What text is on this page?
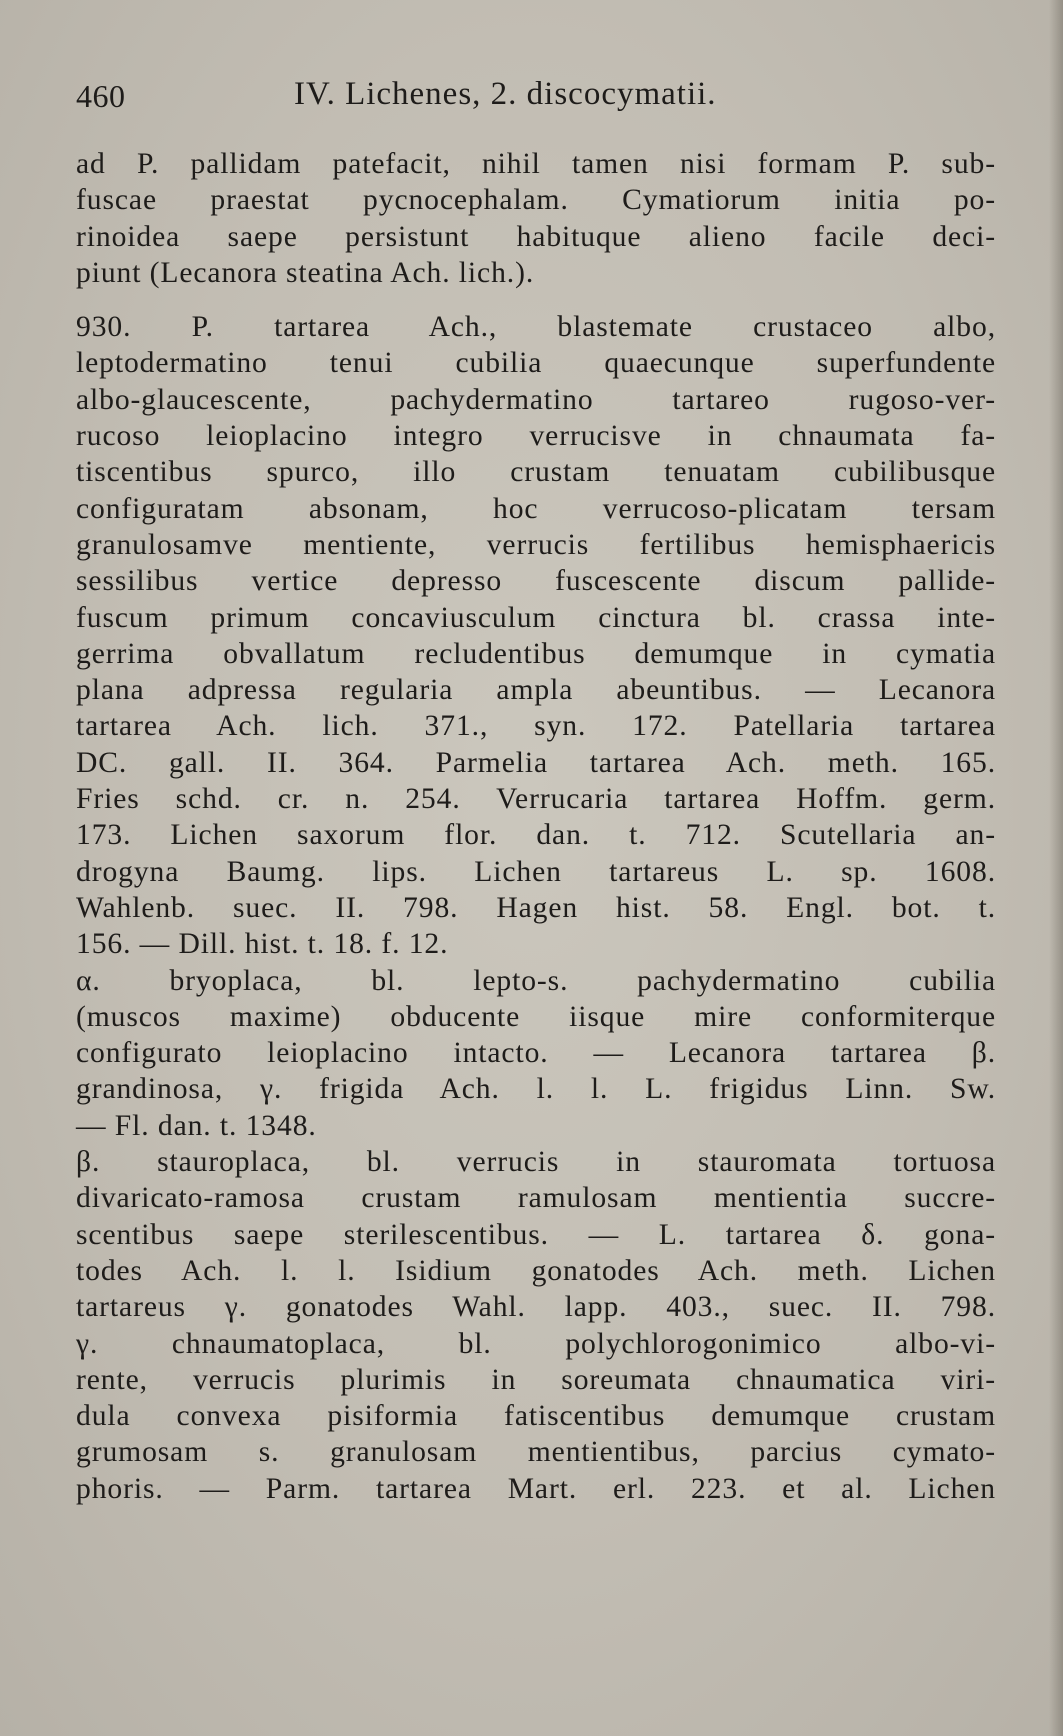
460	IV. Lichenes, 2. discocymatii.
ad P. pallidam patefacit, nihil tamen nisi formam P. sub-
fuscae praestat pycnocephalam. Cymatiorum initia po-
rinoidea saepe persistunt habituque alieno facile deci-
piunt (Lecanora steatina Ach. lich.).
930. P. tartarea Ach., blastemate crustaceo albo,
leptodermatino tenui cubilia quaecunque superfundente
albo-glaucescente, pachydermatino tartareo rugoso-ver-
rucoso leioplacino integro verrucisve in chnaumata fa-
tiscentibus spurco, illo crustam tenuatam cubilibusque
configuratam absonam, hoc verrucoso-plicatam tersam
granulosamve mentiente, verrucis fertilibus hemisphaericis
sessilibus vertice depresso fuscescente discum pallide-
fuscum primum concaviusculum cinctura bl. crassa inte-
gerrima obvallatum recludentibus demumque in cymatia
plana adpressa regularia ampla abeuntibus. — Lecanora
tartarea Ach. lich. 371., syn. 172. Patellaria tartarea
DC. gall. II. 364. Parmelia tartarea Ach. meth. 165.
Fries schd. cr. n. 254. Verrucaria tartarea Hoffm. germ.
173. Lichen saxorum flor. dan. t. 712. Scutellaria an-
drogyna Baumg. lips. Lichen tartareus L. sp. 1608.
Wahlenb. suec. II. 798. Hagen hist. 58. Engl. bot. t.
156. — Dill. hist. t. 18. f. 12.
α. bryoplaca, bl. lepto-s. pachydermatino cubilia
(muscos maxime) obducente iisque mire conformiterque
configurato leioplacino intacto. — Lecanora tartarea β.
grandinosa, γ. frigida Ach. l. l. L. frigidus Linn. Sw.
— Fl. dan. t. 1348.
β. stauroplaca, bl. verrucis in stauromata tortuosa
divaricato-ramosa crustam ramulosam mentientia succre-
scentibus saepe sterilescentibus. — L. tartarea δ. gona-
todes Ach. l. l. Isidium gonatodes Ach. meth. Lichen
tartareus γ. gonatodes Wahl. lapp. 403., suec. II. 798.
γ. chnaumatoplaca, bl. polychlorogonimico albo-vi-
rente, verrucis plurimis in soreumata chnaumatica viri-
dula convexa pisiformia fatiscentibus demumque crustam
grumosam s. granulosam mentientibus, parcius cymato-
phoris. — Parm. tartarea Mart. erl. 223. et al. Lichen
